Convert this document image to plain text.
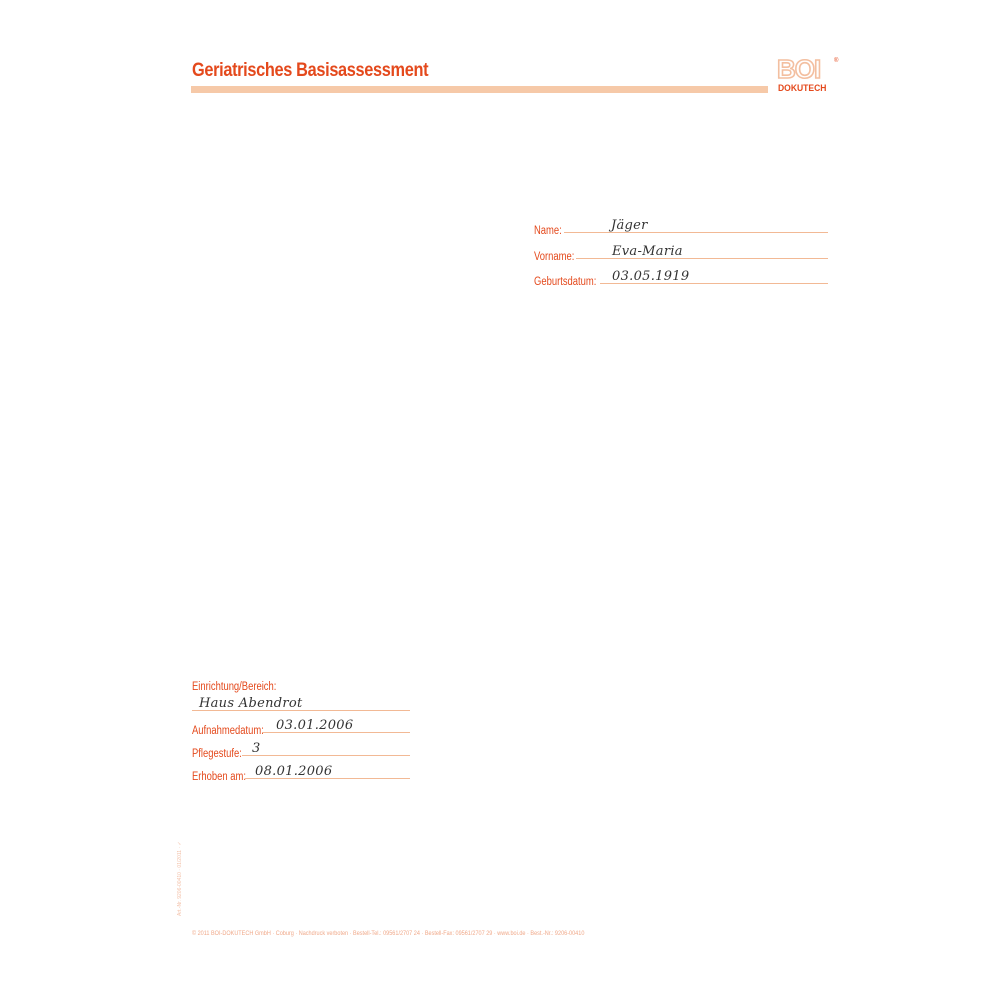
Geriatrisches Basisassessment	BOI ®
DOKUTECH
Name:	Jäger
Vorname:	Eva-Maria
Geburtsdatum: 03.05.1919
Einrichtung/Bereich:
Haus Abendrot
Aufnahmedatum: 03.01.2006
Pflegestufe: 3
Erhoben am: 08.01.2006
Art.-Nr. 9206-00410 · 01/2011 · ✓
© 2011 BOI-DOKUTECH GmbH · Coburg · Nachdruck verboten · Bestell-Tel.: 09561/2707 24 · Bestell-Fax: 09561/2707 29 · www.boi.de · Best.-Nr.: 9206-00410
